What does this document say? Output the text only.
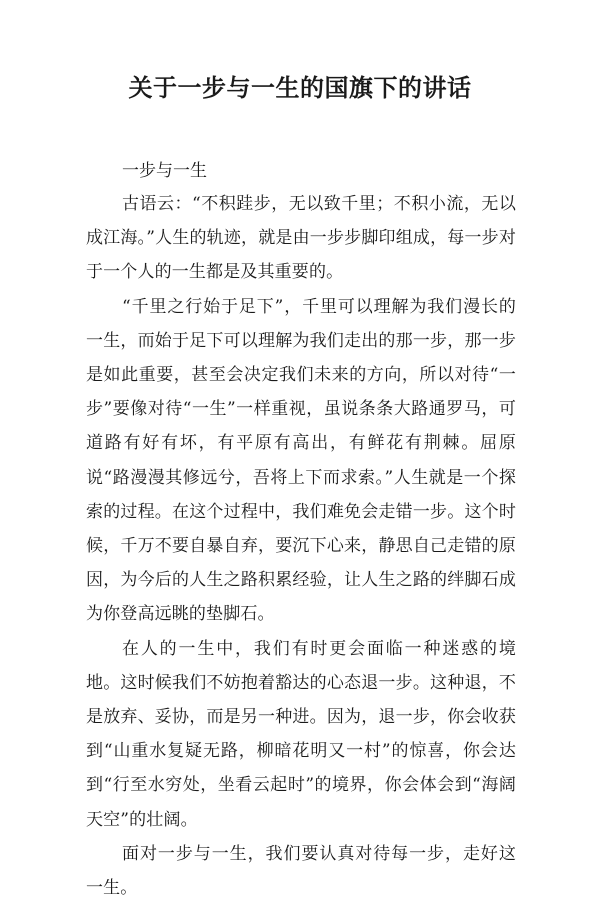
关于一步与一生的国旗下的讲话

一步与一生

古语云：“不积跬步，无以致千里；不积小流，无以成江海。”人生的轨迹，就是由一步步脚印组成，每一步对于一个人的一生都是及其重要的。

“千里之行始于足下”，千里可以理解为我们漫长的一生，而始于足下可以理解为我们走出的那一步，那一步是如此重要，甚至会决定我们未来的方向，所以对待“一步”要像对待“一生”一样重视，虽说条条大路通罗马，可道路有好有坏，有平原有高出，有鲜花有荆棘。屈原说“路漫漫其修远兮，吾将上下而求索。”人生就是一个探索的过程。在这个过程中，我们难免会走错一步。这个时候，千万不要自暴自弃，要沉下心来，静思自己走错的原因，为今后的人生之路积累经验，让人生之路的绊脚石成为你登高远眺的垫脚石。

在人的一生中，我们有时更会面临一种迷惑的境地。这时候我们不妨抱着豁达的心态退一步。这种退，不是放弃、妥协，而是另一种进。因为，退一步，你会收获到“山重水复疑无路，柳暗花明又一村”的惊喜，你会达到“行至水穷处，坐看云起时”的境界，你会体会到“海阔天空”的壮阔。

面对一步与一生，我们要认真对待每一步，走好这一生。
